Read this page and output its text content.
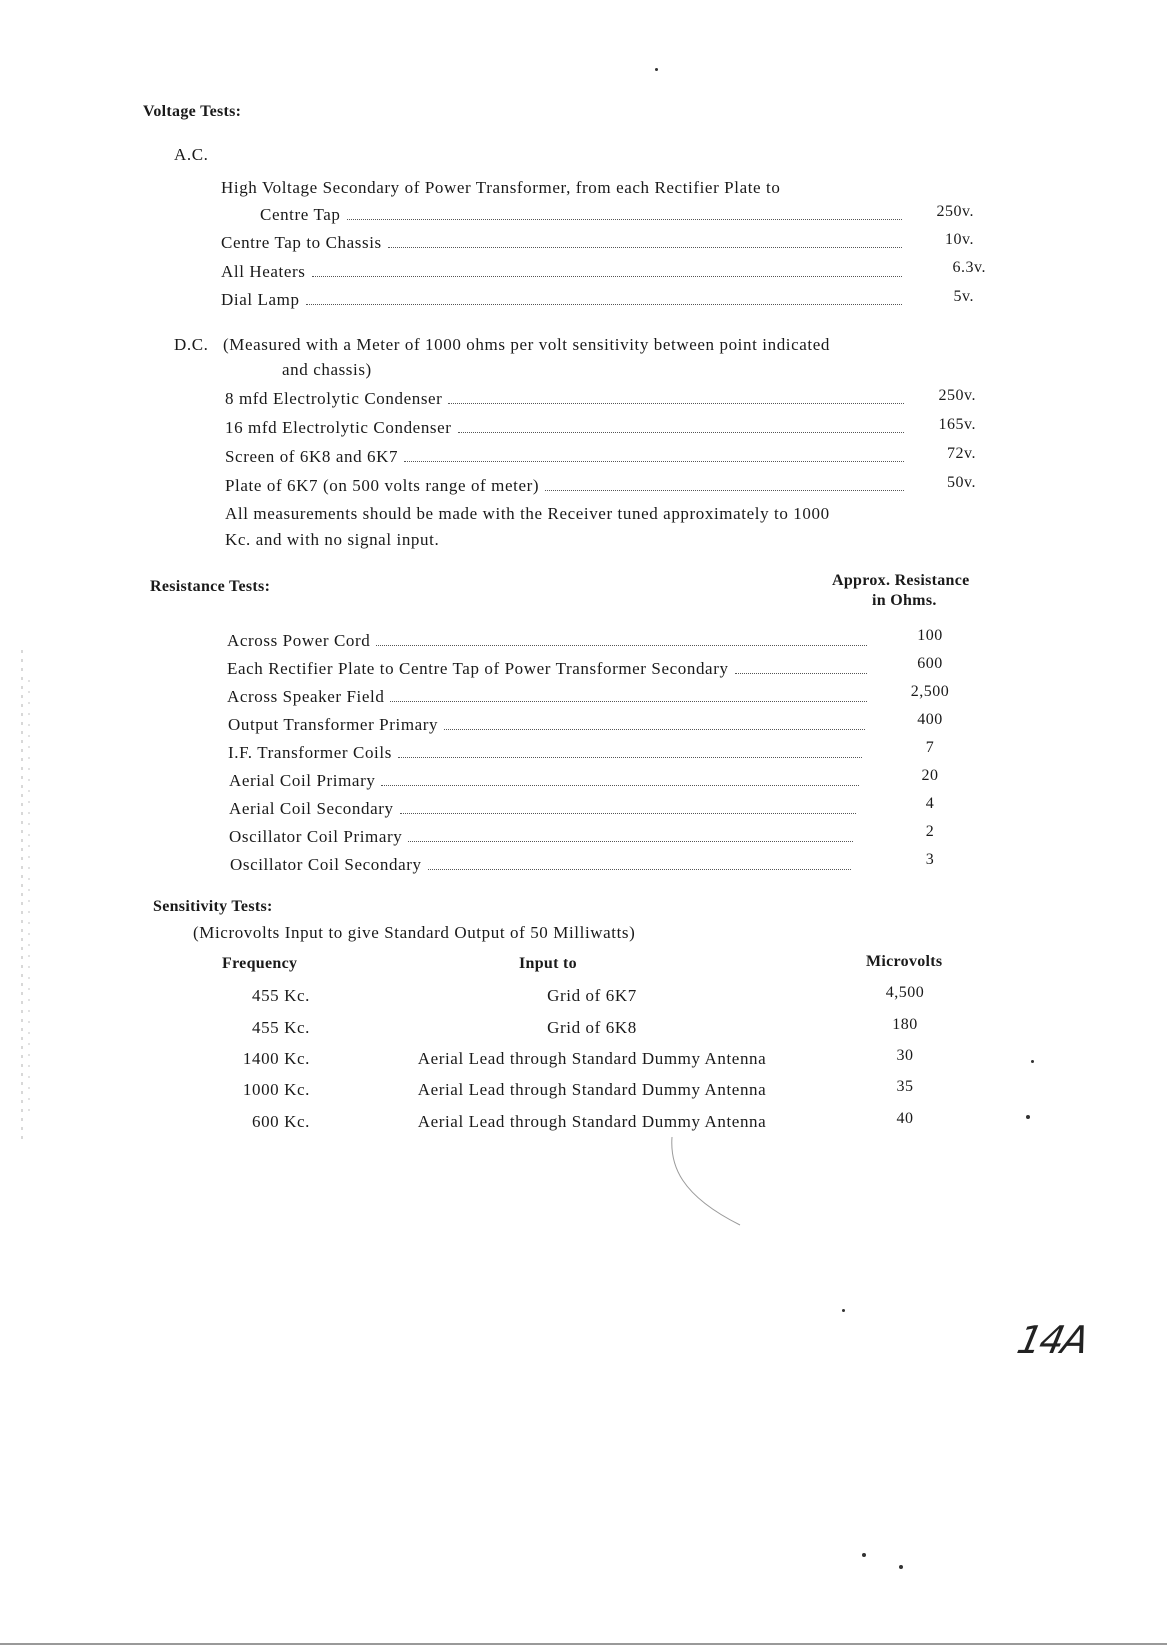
Voltage Tests:
A.C.
High Voltage Secondary of Power Transformer, from each Rectifier Plate to
Centre Tap	250v.
Centre Tap to Chassis	10v.
All Heaters	6.3v.
Dial Lamp	5v.
D.C. (Measured with a Meter of 1000 ohms per volt sensitivity between point indicated
and chassis)
8 mfd Electrolytic Condenser	250v.
16 mfd Electrolytic Condenser	165v.
Screen of 6K8 and 6K7	72v.
Plate of 6K7 (on 500 volts range of meter)	50v.
All measurements should be made with the Receiver tuned approximately to 1000
Kc. and with no signal input.
Resistance Tests:	Approx. Resistance
in Ohms.
Across Power Cord	100
Each Rectifier Plate to Centre Tap of Power Transformer Secondary	600
Across Speaker Field	2,500
Output Transformer Primary	400
I.F. Transformer Coils	7
Aerial Coil Primary	20
Aerial Coil Secondary	4
Oscillator Coil Primary	2
Oscillator Coil Secondary	3
Sensitivity Tests:
(Microvolts Input to give Standard Output of 50 Milliwatts)
Frequency	Input to	Microvolts
455 Kc.	Grid of 6K7	4,500
455 Kc.	Grid of 6K8	180
1400 Kc.	Aerial Lead through Standard Dummy Antenna	30
1000 Kc.	Aerial Lead through Standard Dummy Antenna	35
600 Kc.	Aerial Lead through Standard Dummy Antenna	40
14A
